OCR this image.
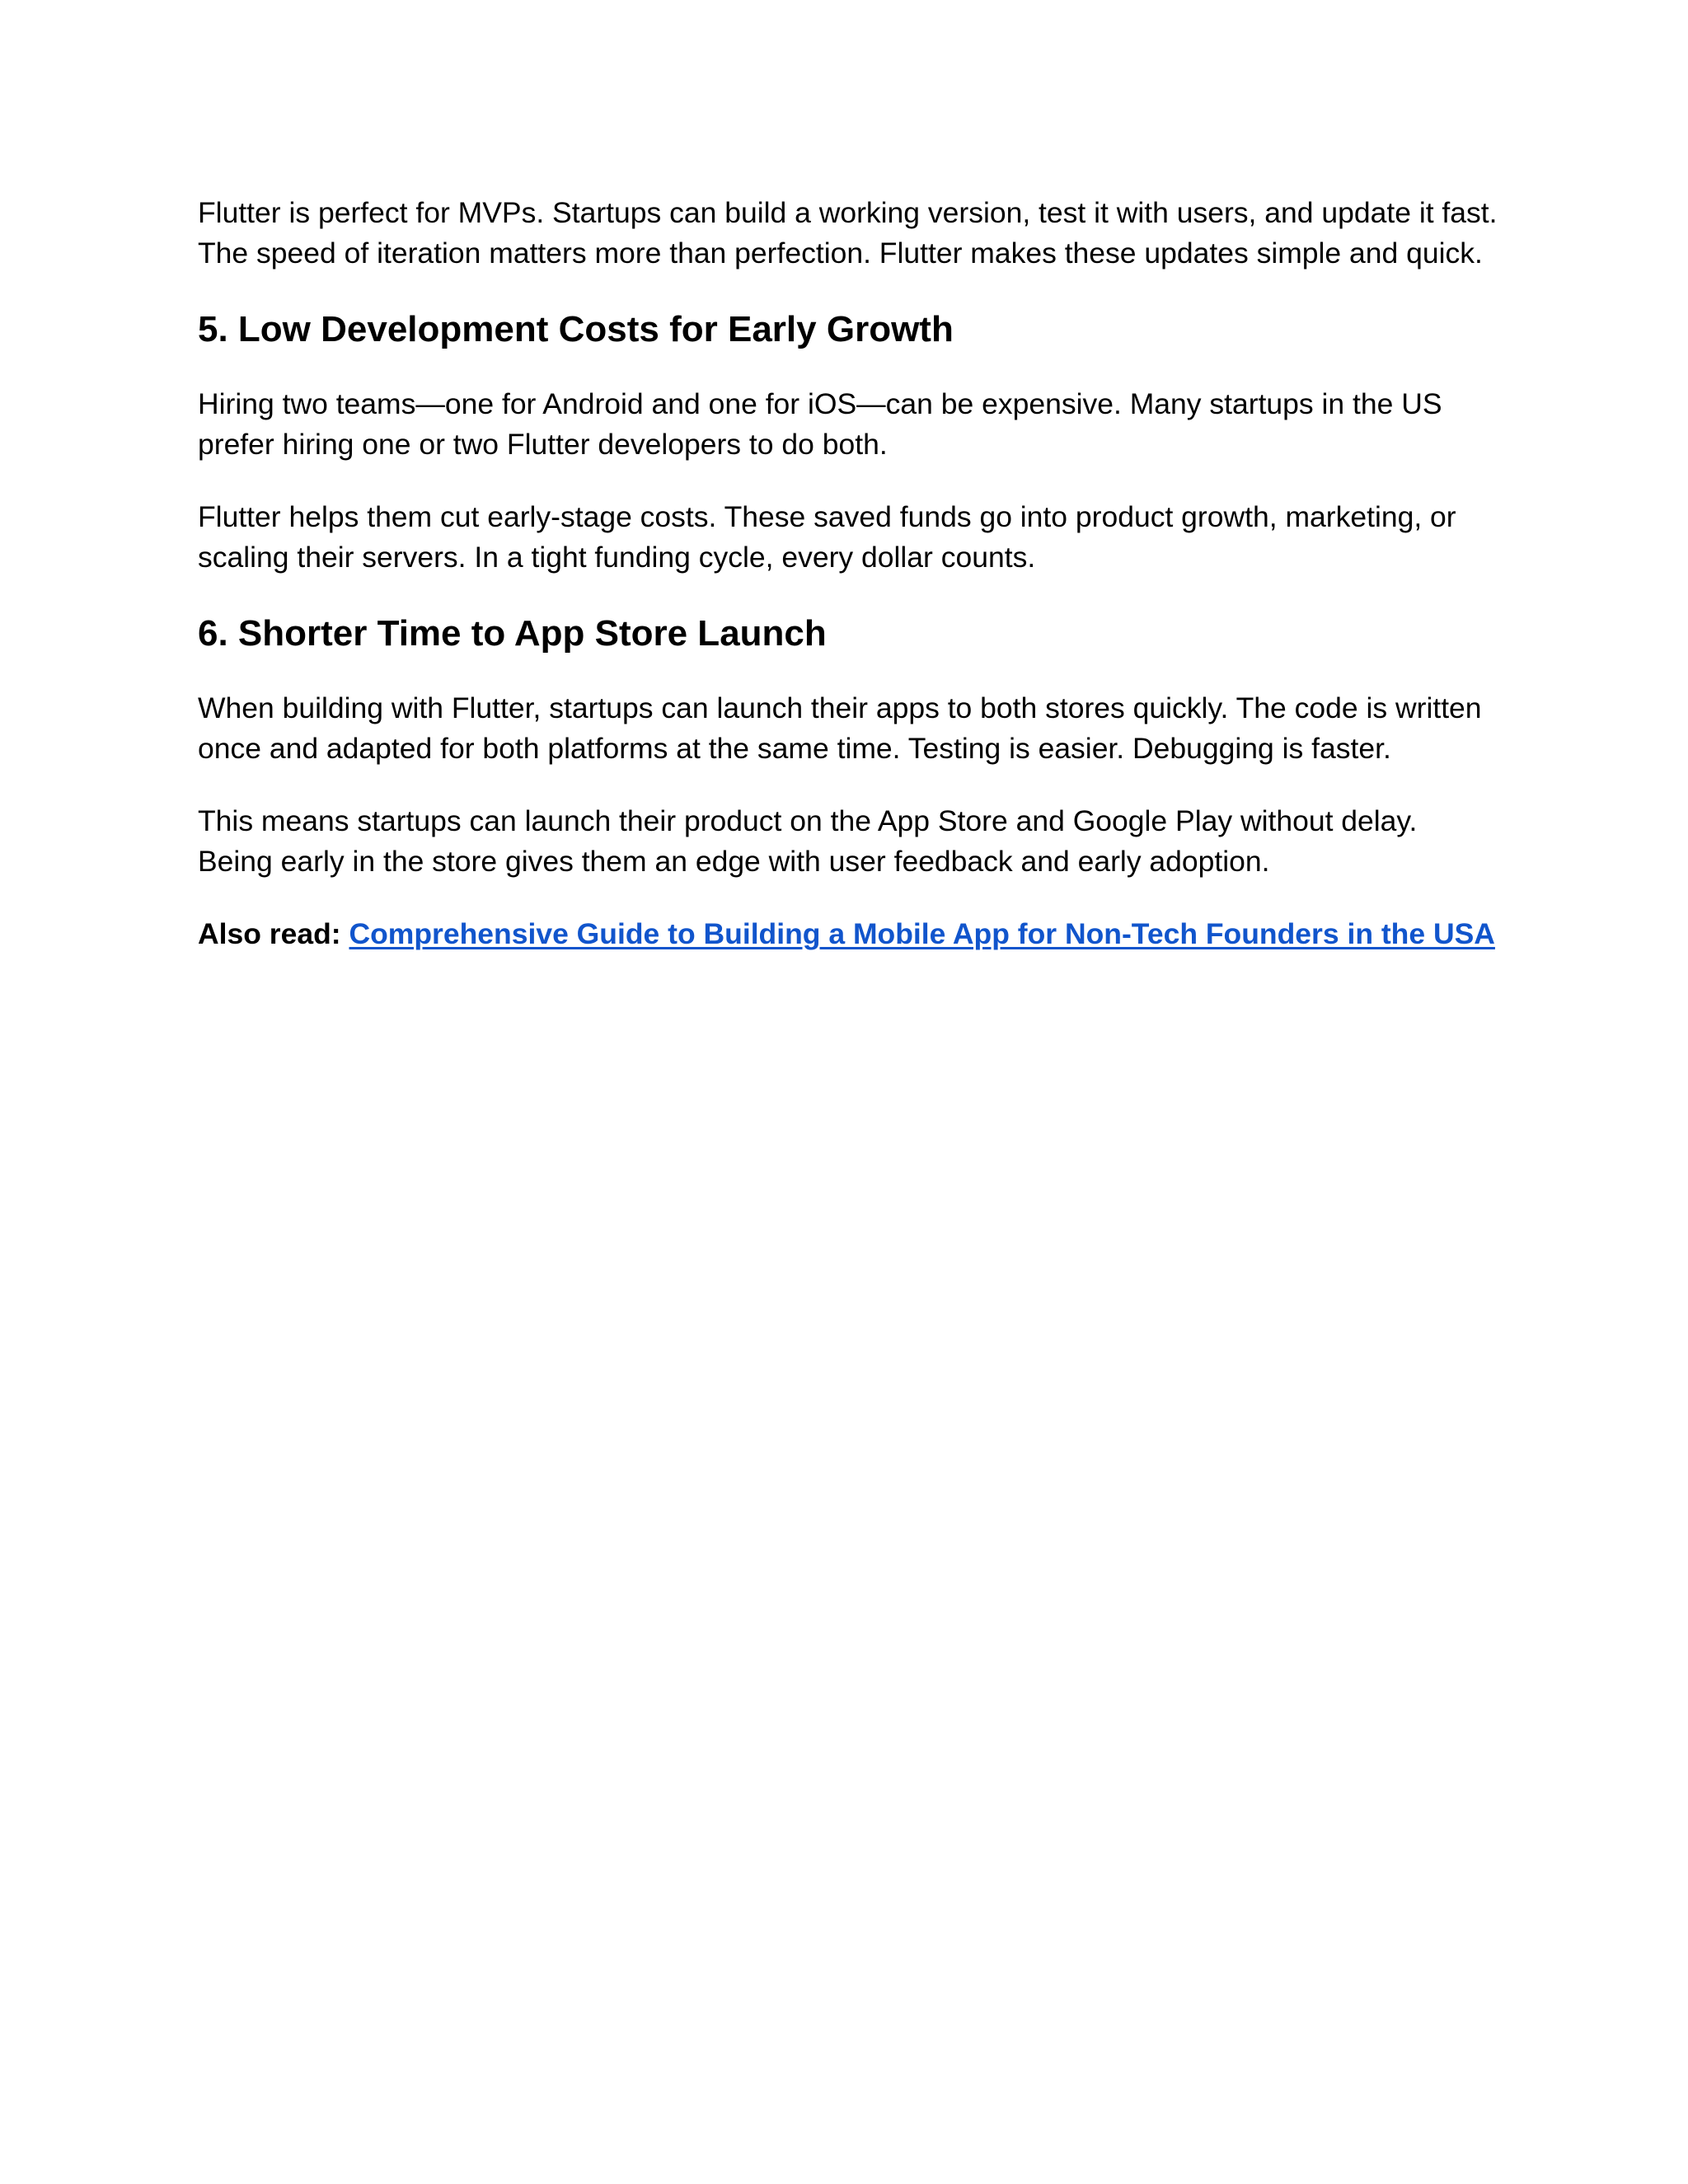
Flutter is perfect for MVPs. Startups can build a working version, test it with users, and update it fast. The speed of iteration matters more than perfection. Flutter makes these updates simple and quick.

5. Low Development Costs for Early Growth

Hiring two teams—one for Android and one for iOS—can be expensive. Many startups in the US prefer hiring one or two Flutter developers to do both.

Flutter helps them cut early-stage costs. These saved funds go into product growth, marketing, or scaling their servers. In a tight funding cycle, every dollar counts.

6. Shorter Time to App Store Launch

When building with Flutter, startups can launch their apps to both stores quickly. The code is written once and adapted for both platforms at the same time. Testing is easier. Debugging is faster.

This means startups can launch their product on the App Store and Google Play without delay. Being early in the store gives them an edge with user feedback and early adoption.

Also read: Comprehensive Guide to Building a Mobile App for Non-Tech Founders in the USA
